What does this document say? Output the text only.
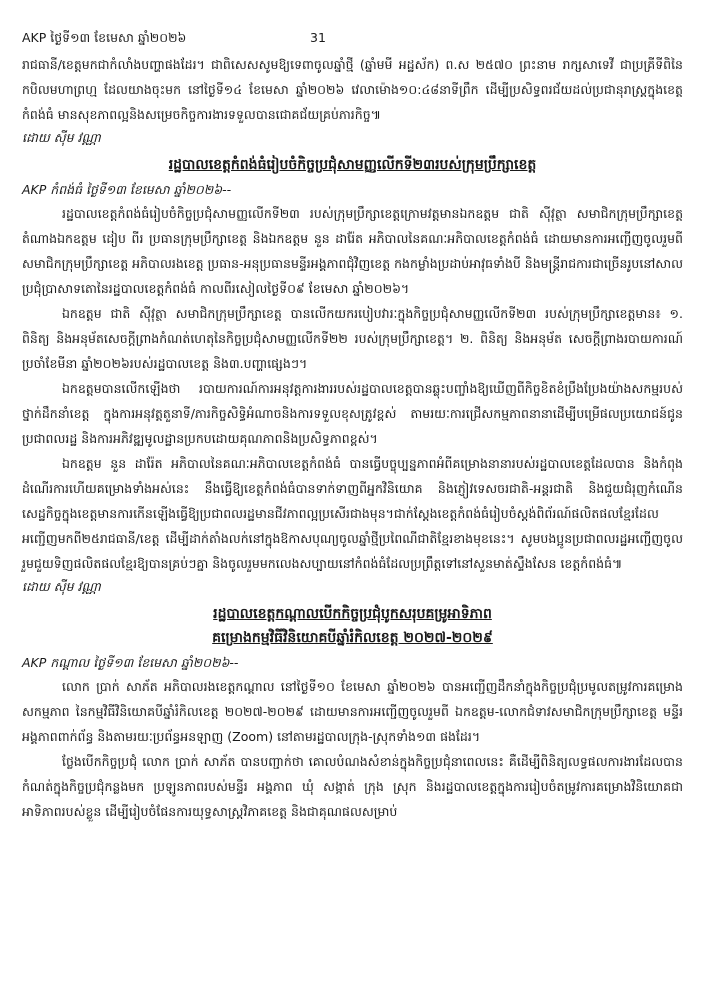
AKP ថ្ងៃទី១៣ ខែមេសា ឆ្នាំ២០២៦	31

រាជធានី/ខេត្តមកជាកំលាំងបញ្ហាផងដែរ។ ជាពិសេសសូមឱ្យទេពាចូលឆ្នាំថ្មី (ឆ្នាំមមី អដ្ឋស័ក) ព.ស ២៥៧០ ព្រះនាម រាក្សសាទេវី ជាប្រគ្រីទីពិនៃកបិលមហាព្រហ្ម ដែលយាងចុះមក នៅថ្ងៃទី១៤ ខែមេសា ឆ្នាំ២០២៦ វេលាម៉ោង១០:៤៨នាទីព្រឹក ដើម្បីប្រសិទ្ធពរជ័យដល់ប្រជានុរាស្រ្តក្នុងខេត្តកំពង់ធំ មានសុខភាពល្អនិងសម្រេចកិច្ចការងារទទួលបានជោគជ័យគ្រប់ភារកិច្ច៕

ដោយ ស៊ីម វណ្ណា
រដ្ឋបាលខេត្តកំពង់ធំរៀបចំកិច្ចប្រជុំសាមញ្ញលើកទី២៣របស់ក្រុមប្រឹក្សាខេត្ត
AKP កំពង់ធំ ថ្ងៃទី១៣ ខែមេសា ឆ្នាំ២០២៦--

រដ្ឋបាលខេត្តកំពង់ធំរៀបចំកិច្ចប្រជុំសាមញ្ញលើកទី២៣ របស់ក្រុមប្រឹក្សាខេត្តក្រោមវត្តមានឯកឧត្តម ជាតិ ស៊ីវុត្ថា សមាជិកក្រុមប្រឹក្សាខេត្ត តំណាងឯកឧត្តម ដៀប ពីរ ប្រធានក្រុមប្រឹក្សាខេត្ត និងឯកឧត្តម នួន ដារ៉ែត អភិបាលនៃគណៈអភិបាលខេត្តកំពង់ធំ ដោយមានការអញ្ជើញចូលរួមពីសមាជិកក្រុមប្រឹក្សាខេត្ត អភិបាលរងខេត្ត ប្រធាន-អនុប្រធានមន្ទីរអង្គភាពជុំវិញខេត្ត កងកម្លាំងប្រដាប់អាវុធទាំងបី និងមន្រ្តីរាជការជាច្រើនរូបនៅសាលប្រជុំប្រាសាទតោនៃរដ្ឋបាលខេត្តកំពង់ធំ កាលពីរសៀលថ្ងៃទី០៩ ខែមេសា ឆ្នាំ២០២៦។

ឯកឧត្តម ជាតិ ស៊ីវុត្ថា សមាជិកក្រុមប្រឹក្សាខេត្ត បានលើកយករបៀបវារៈក្នុងកិច្ចប្រជុំសាមញ្ញលើកទី២៣ របស់ក្រុមប្រឹក្សាខេត្តមាន៖ ១. ពិនិត្យ និងអនុម័តសេចក្តីព្រាងកំណត់ហេតុនៃកិច្ចប្រជុំសាមញ្ញលើកទី២២ របស់ក្រុមប្រឹក្សាខេត្ត។ ២. ពិនិត្យ និងអនុម័ត សេចក្តីព្រាងរបាយការណ៍ប្រចាំខែមីនា ឆ្នាំ២០២៦របស់រដ្ឋបាលខេត្ត និង៣.បញ្ហាផ្សេងៗ។

ឯកឧត្តមបានលើកឡើងថា របាយការណ៍ការអនុវត្តការងាររបស់រដ្ឋបាលខេត្តបានឆ្លុះបញ្ចាំងឱ្យឃើញពីកិច្ចខិតខំប្រឹងប្រែងយ៉ាងសកម្មរបស់ថ្នាក់ដឹកនាំខេត្ត ក្នុងការអនុវត្តតួនាទី/ភារកិច្ចសិទ្ធិអំណាចនិងការទទួលខុសត្រូវខ្ពស់ តាមរយៈការជ្រើសកម្មភាពនានាដើម្បីបម្រើផលប្រយោជន៍ជូនប្រជាពលរដ្ឋ និងការអភិវឌ្ឍមូលដ្ឋានប្រកបដោយគុណភាពនិងប្រសិទ្ធភាពខ្ពស់។

ឯកឧត្តម នួន ដារ៉ែត អភិបាលនៃគណៈអភិបាលខេត្តកំពង់ធំ បានធ្វើបច្ចុប្បន្នភាពអំពីគម្រោងនានារបស់រដ្ឋបាលខេត្តដែលបាន និងកំពុងដំណើរការហើយគម្រោងទាំងអស់នេះ នឹងធ្វើឱ្យខេត្តកំពង់ធំបានទាក់ទាញពីអ្នកវិនិយោគ និងភ្ញៀវទេសចរជាតិ-អន្តរជាតិ និងជួយជំរុញកំណើនសេដ្ឋកិច្ចក្នុងខេត្តមានការកើនឡើងធ្វើឱ្យប្រជាពលរដ្ឋមានជីវភាពល្អប្រសើរជាងមុន។ជាក់ស្តែងខេត្តកំពង់ធំរៀបចំស្តង់ពិព័រណ៍ផលិតផលខ្មែរដែលអញ្ជើញមកពី២៥រាជធានី/ខេត្ត ដើម្បីដាក់តាំងលក់នៅក្នុងឱកាសបុណ្យចូលឆ្នាំថ្មីប្រពៃណីជាតិខ្មែរខាងមុខនេះ។ សូមបងប្អូនប្រជាពលរដ្ឋអញ្ជើញចូលរួមជួយទិញផលិតផលខ្មែរឱ្យបានគ្រប់ៗគ្នា និងចូលរួមមកលេងសប្បាយនៅកំពង់ធំដែលប្រព្រឹត្តទៅនៅសួនមាត់ស្ទឹងសែន ខេត្តកំពង់ធំ៕

ដោយ ស៊ីម វណ្ណា
រដ្ឋបាលខេត្តកណ្ដាលបើកកិច្ចប្រជុំបូកសរុបគម្រូអាទិភាព
គម្រោងកម្មវិធីវិនិយោគបីឆ្នាំរំកិលខេត្ត ២០២៧-២០២៩
AKP កណ្ដាល ថ្ងៃទី១៣ ខែមេសា ឆ្នាំ២០២៦--

លោក ប្រាក់ សាភ័ត អភិបាលរងខេត្តកណ្ដាល នៅថ្ងៃទី១០ ខែមេសា ឆ្នាំ២០២៦ បានអញ្ជើញដឹកនាំក្នុងកិច្ចប្រជុំប្រមូលតម្រូវការគម្រោងសកម្មភាព នៃកម្មវិធីវិនិយោគបីឆ្នាំរំកិលខេត្ត ២០២៧-២០២៩ ដោយមានការអញ្ជើញចូលរួមពី ឯកឧត្តម-លោកជំទាវសមាជិកក្រុមប្រឹក្សាខេត្ត មន្ទីរអង្គភាពពាក់ព័ន្ធ និងតាមរយៈប្រព័ន្ធអនឡាញ (Zoom) នៅតាមរដ្ឋបាលក្រុង-ស្រុកទាំង១៣ ផងដែរ។

ថ្លែងបើកកិច្ចប្រជុំ លោក ប្រាក់ សាភ័ត បានបញ្ជាក់ថា គោលបំណងសំខាន់ក្នុងកិច្ចប្រជុំនាពេលនេះ គឺដើម្បីពិនិត្យលទ្ធផលការងារដែលបានកំណត់ក្នុងកិច្ចប្រជុំកន្លងមក ប្រឡូនភាពរបស់មន្ទីរ អង្គភាព ឃុំ សង្កាត់ ក្រុង ស្រុក និងរដ្ឋបាលខេត្តក្នុងការរៀបចំតម្រូវការគម្រោងវិនិយោគជាអាទិភាពរបស់ខ្លួន ដើម្បីរៀបចំផែនការយុទ្ធសាស្រ្តវិភាគខេត្ត និងជាគុណផលសម្រាប់
